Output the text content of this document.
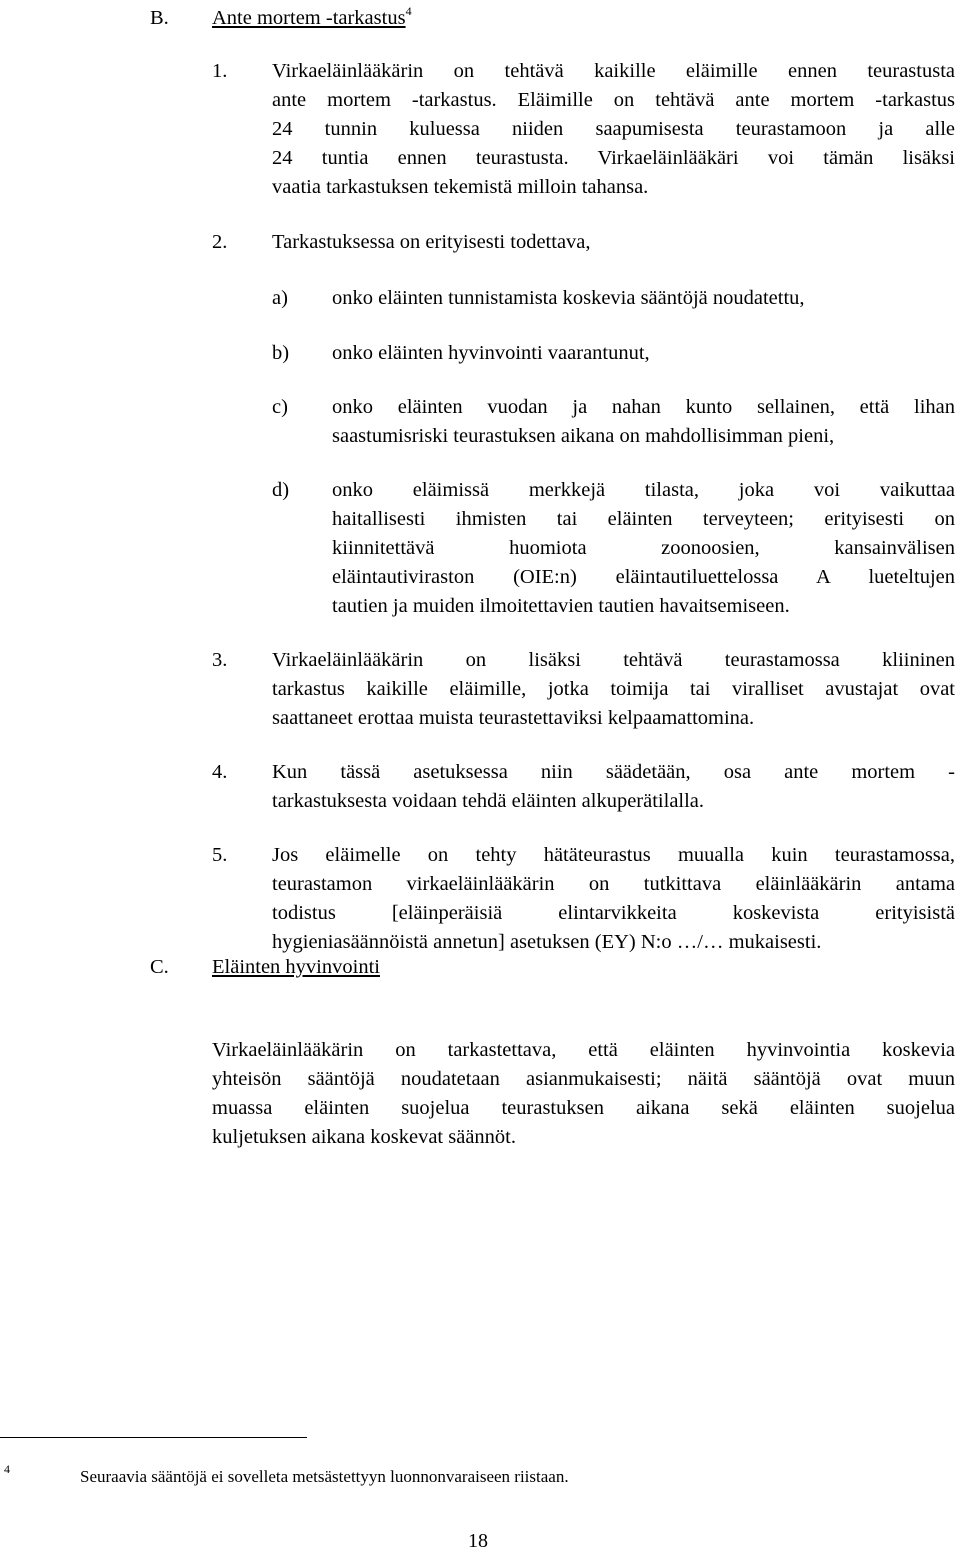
B. Ante mortem -tarkastus$^4$
1.	Virkaeläinlääkärin on tehtävä kaikille eläimille ennen teurastusta
ante mortem -tarkastus. Eläimille on tehtävä ante mortem -tarkastus
24 tunnin kuluessa niiden saapumisesta teurastamoon ja alle
24 tuntia ennen teurastusta. Virkaeläinlääkäri voi tämän lisäksi
vaatia tarkastuksen tekemistä milloin tahansa.
2.	Tarkastuksessa on erityisesti todettava,
a)	onko eläinten tunnistamista koskevia sääntöjä noudatettu,
b)	onko eläinten hyvinvointi vaarantunut,
c)	onko eläinten vuodan ja nahan kunto sellainen, että lihan
saastumisriski teurastuksen aikana on mahdollisimman pieni,
d)	onko eläimissä merkkejä tilasta, joka voi vaikuttaa
haitallisesti ihmisten tai eläinten terveyteen; erityisesti on
kiinnitettävä huomiota zoonoosien, kansainvälisen
eläintautiviraston (OIE:n) eläintautiluettelossa A lueteltujen
tautien ja muiden ilmoitettavien tautien havaitsemiseen.
3.	Virkaeläinlääkärin on lisäksi tehtävä teurastamossa kliininen
tarkastus kaikille eläimille, jotka toimija tai viralliset avustajat ovat
saattaneet erottaa muista teurastettaviksi kelpaamattomina.
4.	Kun tässä asetuksessa niin säädetään, osa ante mortem -
tarkastuksesta voidaan tehdä eläinten alkuperätilalla.
5.	Jos eläimelle on tehty hätäteurastus muualla kuin teurastamossa,
teurastamon virkaeläinlääkärin on tutkittava eläinlääkärin antama
todistus [eläinperäisiä elintarvikkeita koskevista erityisistä
hygieniasäännöistä annetun] asetuksen (EY) N:o …/… mukaisesti.
C. Eläinten hyvinvointi
Virkaeläinlääkärin on tarkastettava, että eläinten hyvinvointia koskevia
yhteisön sääntöjä noudatetaan asianmukaisesti; näitä sääntöjä ovat muun
muassa eläinten suojelua teurastuksen aikana sekä eläinten suojelua
kuljetuksen aikana koskevat säännöt.
4	Seuraavia sääntöjä ei sovelleta metsästettyyn luonnonvaraiseen riistaan.
18
